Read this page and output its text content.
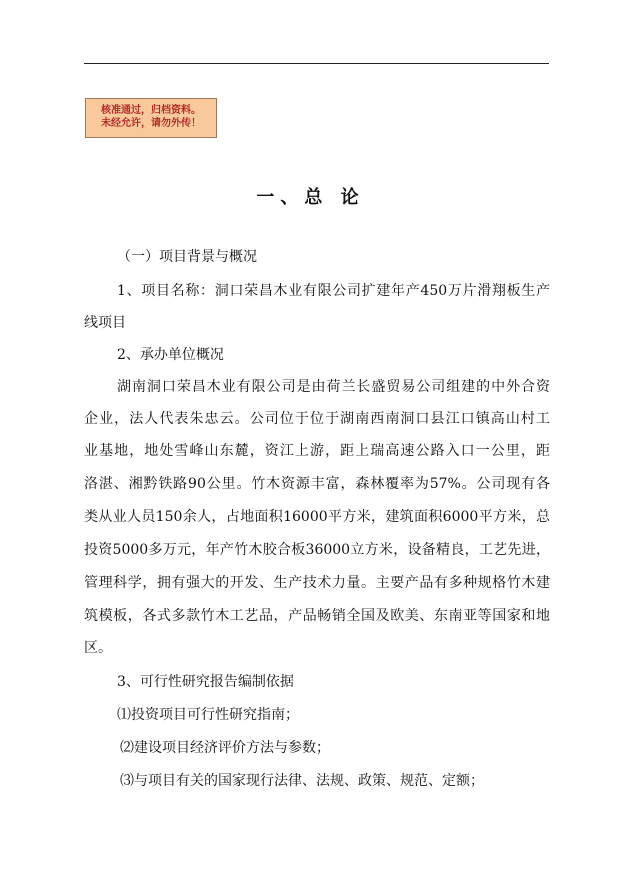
核准通过，归档资料。
未经允许，请勿外传！
一、总 论
（一）项目背景与概况
1、项目名称：洞口荣昌木业有限公司扩建年产450万片滑翔板生产
线项目
2、承办单位概况
湖南洞口荣昌木业有限公司是由荷兰长盛贸易公司组建的中外合资
企业，法人代表朱忠云。公司位于位于湖南西南洞口县江口镇高山村工
业基地，地处雪峰山东麓，资江上游，距上瑞高速公路入口一公里，距
洛湛、湘黔铁路90公里。竹木资源丰富，森林覆率为57%。公司现有各
类从业人员150余人，占地面积16000平方米，建筑面积6000平方米，总
投资5000多万元，年产竹木胶合板36000立方米，设备精良，工艺先进，
管理科学，拥有强大的开发、生产技术力量。主要产品有多种规格竹木建
筑模板，各式多款竹木工艺品，产品畅销全国及欧美、东南亚等国家和地
区。
3、可行性研究报告编制依据
⑴投资项目可行性研究指南；
⑵建设项目经济评价方法与参数；
⑶与项目有关的国家现行法律、法规、政策、规范、定额；
